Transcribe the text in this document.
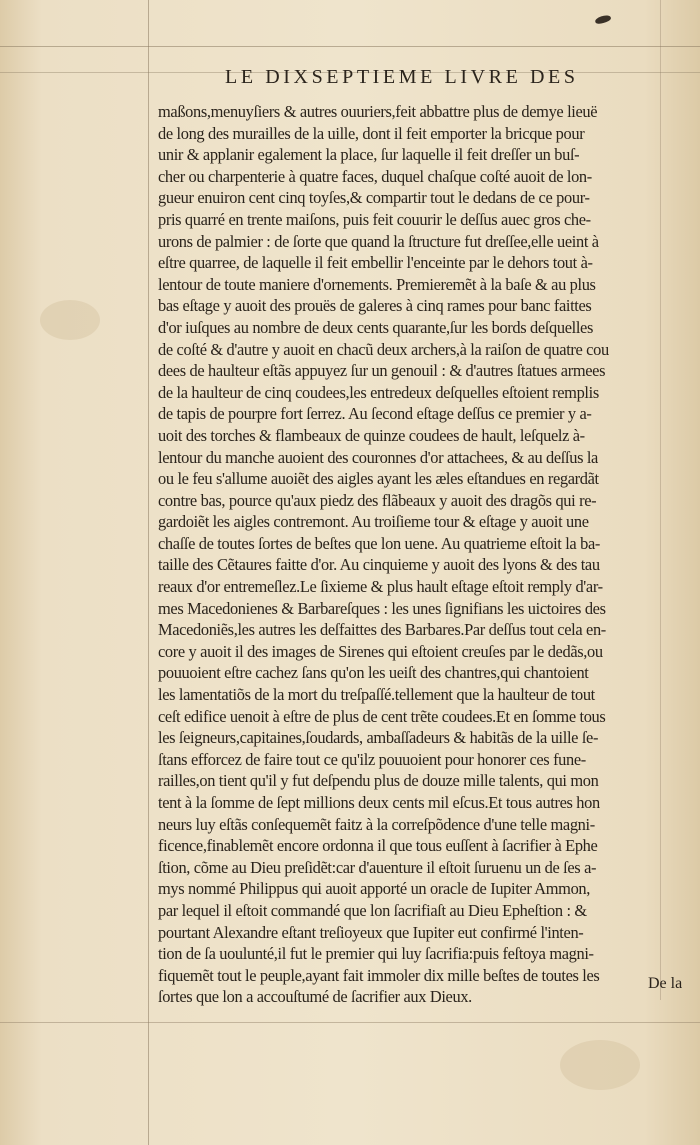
LE DIXSEPTIEME LIVRE DES
maßons,menuyſiers & autres ouuriers,feit abbattre plus de demye lieuë
de long des murailles de la uille, dont il feit emporter la bricque pour
unir & applanir egalement la place, ſur laquelle il feit dreſſer un buſ-
cher ou charpenterie à quatre faces, duquel chaſque coſté auoit de lon-
gueur enuiron cent cinq toyſes,& compartir tout le dedans de ce pour-
pris quarré en trente maiſons, puis feit couurir le deſſus auec gros che-
urons de palmier : de ſorte que quand la ſtructure fut dreſſee,elle ueint à
eſtre quarree, de laquelle il feit embellir l'enceinte par le dehors tout à-
lentour de toute maniere d'ornements. Premieremẽt à la baſe & au plus
bas eſtage y auoit des prouës de galeres à cinq rames pour banc faittes
d'or iuſques au nombre de deux cents quarante,ſur les bords deſquelles
de coſté & d'autre y auoit en chacũ deux archers,à la raiſon de quatre cou
dees de haulteur eſtãs appuyez ſur un genouil : & d'autres ſtatues armees
de la haulteur de cinq coudees,les entredeux deſquelles eſtoient remplis
de tapis de pourpre fort ſerrez. Au ſecond eſtage deſſus ce premier y a-
uoit des torches & flambeaux de quinze coudees de hault, leſquelz à-
lentour du manche auoient des couronnes d'or attachees, & au deſſus la
ou le feu s'allume auoiẽt des aigles ayant les æles eſtandues en regardãt
contre bas, pource qu'aux piedz des flãbeaux y auoit des dragõs qui re-
gardoiẽt les aigles contremont. Au troiſieme tour & eſtage y auoit une
chaſſe de toutes ſortes de beſtes que lon uene. Au quatrieme eſtoit la ba-
taille des Cẽtaures faitte d'or. Au cinquieme y auoit des lyons & des tau
reaux d'or entremeſlez.Le ſixieme & plus hault eſtage eſtoit remply d'ar-
mes Macedonienes & Barbareſques : les unes ſignifians les uictoires des
Macedoniẽs,les autres les deſfaittes des Barbares.Par deſſus tout cela en-
core y auoit il des images de Sirenes qui eſtoient creuſes par le dedãs,ou
pouuoient eſtre cachez ſans qu'on les ueiſt des chantres,qui chantoient
les lamentatiõs de la mort du treſpaſſé.tellement que la haulteur de tout
ceſt edifice uenoit à eſtre de plus de cent trẽte coudees.Et en ſomme tous
les ſeigneurs,capitaines,ſoudards, ambaſſadeurs & habitãs de la uille ſe-
ſtans efforcez de faire tout ce qu'ilz pouuoient pour honorer ces fune-
railles,on tient qu'il y fut deſpendu plus de douze mille talents, qui mon
tent à la ſomme de ſept millions deux cents mil eſcus.Et tous autres hon
neurs luy eſtãs conſequemẽt faitz à la correſpõdence d'une telle magni-
ficence,finablemẽt encore ordonna il que tous euſſent à ſacrifier à Ephe
ſtion, cõme au Dieu preſidẽt:car d'auenture il eſtoit ſuruenu un de ſes a-
mys nommé Philippus qui auoit apporté un oracle de Iupiter Ammon,
par lequel il eſtoit commandé que lon ſacrifiaſt au Dieu Epheſtion : &
pourtant Alexandre eſtant treſioyeux que Iupiter eut confirmé l'inten-
tion de ſa uoulunté,il fut le premier qui luy ſacrifia:puis feſtoya magni-
fiquemẽt tout le peuple,ayant fait immoler dix mille beſtes de toutes les
ſortes que lon a accouſtumé de ſacrifier aux Dieux.
De la
